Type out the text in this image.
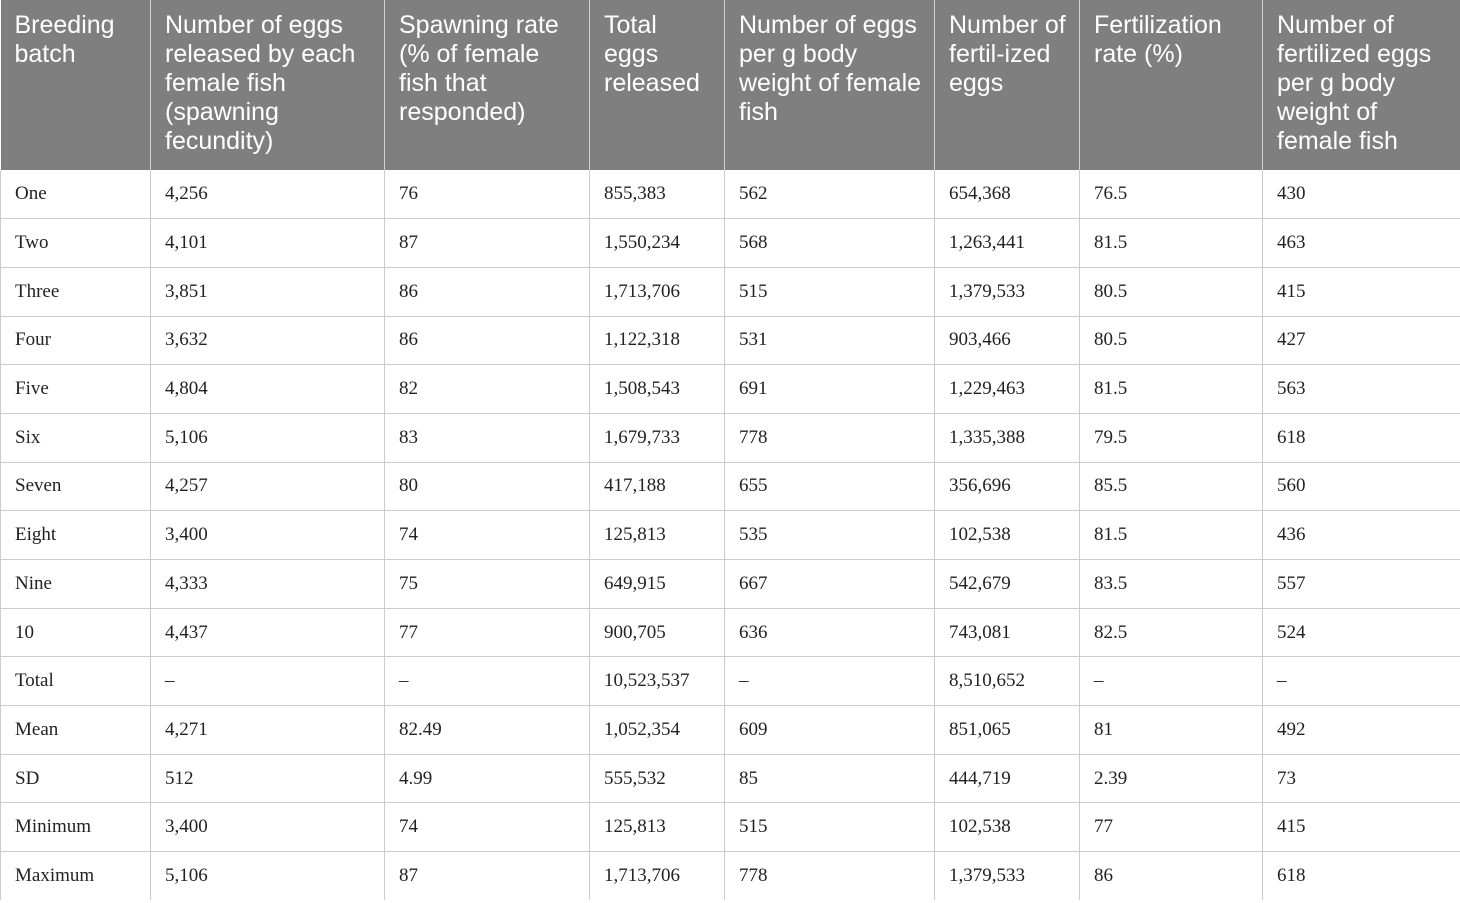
Breeding batch	Number of eggs released by each female fish (spawning fecundity)	Spawning rate (% of female fish that responded)	Total eggs released	Number of eggs per g body weight of female fish	Number of fertil-ized eggs	Fertilization rate (%)	Number of fertilized eggs per g body weight of female fish
One	4,256	76	855,383	562	654,368	76.5	430
Two	4,101	87	1,550,234	568	1,263,441	81.5	463
Three	3,851	86	1,713,706	515	1,379,533	80.5	415
Four	3,632	86	1,122,318	531	903,466	80.5	427
Five	4,804	82	1,508,543	691	1,229,463	81.5	563
Six	5,106	83	1,679,733	778	1,335,388	79.5	618
Seven	4,257	80	417,188	655	356,696	85.5	560
Eight	3,400	74	125,813	535	102,538	81.5	436
Nine	4,333	75	649,915	667	542,679	83.5	557
10	4,437	77	900,705	636	743,081	82.5	524
Total	–	–	10,523,537	–	8,510,652	–	–
Mean	4,271	82.49	1,052,354	609	851,065	81	492
SD	512	4.99	555,532	85	444,719	2.39	73
Minimum	3,400	74	125,813	515	102,538	77	415
Maximum	5,106	87	1,713,706	778	1,379,533	86	618
